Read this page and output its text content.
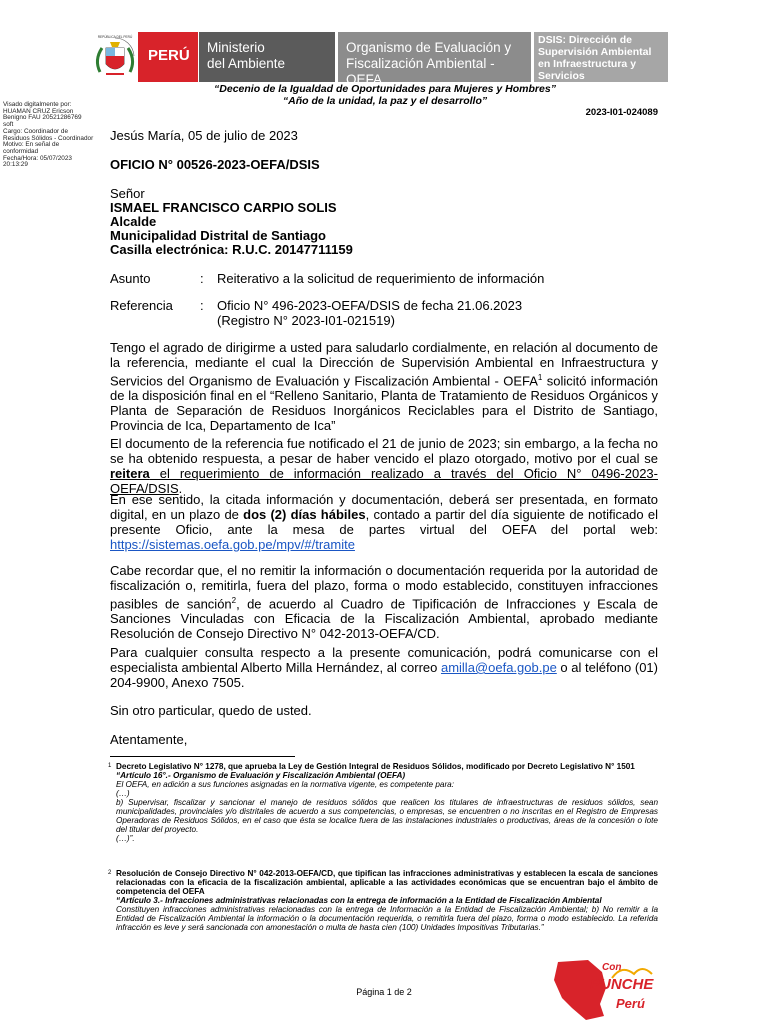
REPÚBLICA DEL PERÚ
PERÚ Ministerio
del Ambiente
Organismo de Evaluación y
Fiscalización Ambiental - OEFA
DSIS: Dirección de
Supervisión Ambiental
en Infraestructura y
Servicios
“Decenio de la Igualdad de Oportunidades para Mujeres y Hombres”
“Año de la unidad, la paz y el desarrollo”
2023-I01-024089
Visado digitalmente por:
HUAMAN CRUZ Ericson
Benigno FAU 20521286769
soft
Cargo: Coordinador de
Residuos Sólidos - Coordinador
Motivo: En señal de
conformidad
Fecha/Hora: 05/07/2023
20:13:29
Jesús María, 05 de julio de 2023
OFICIO N° 00526-2023-OEFA/DSIS
Señor
ISMAEL FRANCISCO CARPIO SOLIS
Alcalde
Municipalidad Distrital de Santiago
Casilla electrónica: R.U.C. 20147711159
Asunto	: Reiterativo a la solicitud de requerimiento de información
Referencia : Oficio N° 496-2023-OEFA/DSIS de fecha 21.06.2023
(Registro N° 2023-I01-021519)
Tengo el agrado de dirigirme a usted para saludarlo cordialmente, en relación al documento de la referencia, mediante el cual la Dirección de Supervisión Ambiental en Infraestructura y Servicios del Organismo de Evaluación y Fiscalización Ambiental - OEFA$^1$ solicitó información de la disposición final en el “Relleno Sanitario, Planta de Tratamiento de Residuos Orgánicos y Planta de Separación de Residuos Inorgánicos Reciclables para el Distrito de Santiago, Provincia de Ica, Departamento de Ica”
El documento de la referencia fue notificado el 21 de junio de 2023; sin embargo, a la fecha no se ha obtenido respuesta, a pesar de haber vencido el plazo otorgado, motivo por el cual se reitera el requerimiento de información realizado a través del Oficio N° 0496-2023-OEFA/DSIS.
En ese sentido, la citada información y documentación, deberá ser presentada, en formato digital, en un plazo de dos (2) días hábiles, contado a partir del día siguiente de notificado el presente Oficio, ante la mesa de partes virtual del OEFA del portal web: https://sistemas.oefa.gob.pe/mpv/#/tramite
Cabe recordar que, el no remitir la información o documentación requerida por la autoridad de fiscalización o, remitirla, fuera del plazo, forma o modo establecido, constituyen infracciones pasibles de sanción$^2$, de acuerdo al Cuadro de Tipificación de Infracciones y Escala de Sanciones Vinculadas con Eficacia de la Fiscalización Ambiental, aprobado mediante Resolución de Consejo Directivo N° 042-2013-OEFA/CD.
Para cualquier consulta respecto a la presente comunicación, podrá comunicarse con el especialista ambiental Alberto Milla Hernández, al correo amilla@oefa.gob.pe o al teléfono (01) 204-9900, Anexo 7505.
Sin otro particular, quedo de usted.
Atentamente,
1 Decreto Legislativo N° 1278, que aprueba la Ley de Gestión Integral de Residuos Sólidos, modificado por Decreto Legislativo N° 1501
“Artículo 16°.- Organismo de Evaluación y Fiscalización Ambiental (OEFA)
El OEFA, en adición a sus funciones asignadas en la normativa vigente, es competente para:
(…)
b) Supervisar, fiscalizar y sancionar el manejo de residuos sólidos que realicen los titulares de infraestructuras de residuos sólidos, sean municipalidades, provinciales y/o distritales de acuerdo a sus competencias, o empresas, se encuentren o no inscritas en el Registro de Empresas Operadoras de Residuos Sólidos, en el caso que ésta se localice fuera de las instalaciones industriales o productivas, áreas de la concesión o lote del titular del proyecto.
(…)”.
2 Resolución de Consejo Directivo N° 042-2013-OEFA/CD, que tipifican las infracciones administrativas y establecen la escala de sanciones relacionadas con la eficacia de la fiscalización ambiental, aplicable a las actividades económicas que se encuentran bajo el ámbito de competencia del OEFA
“Artículo 3.- Infracciones administrativas relacionadas con la entrega de información a la Entidad de Fiscalización Ambiental
Constituyen infracciones administrativas relacionadas con la entrega de Información a la Entidad de Fiscalización Ambiental; b) No remitir a la Entidad de Fiscalización Ambiental la información o la documentación requerida, o remitirla fuera del plazo, forma o modo establecido. La referida infracción es leve y será sancionada con amonestación o multa de hasta cien (100) Unidades Impositivas Tributarias.”
Página 1 de 2
Con
PUNCHE
Perú
